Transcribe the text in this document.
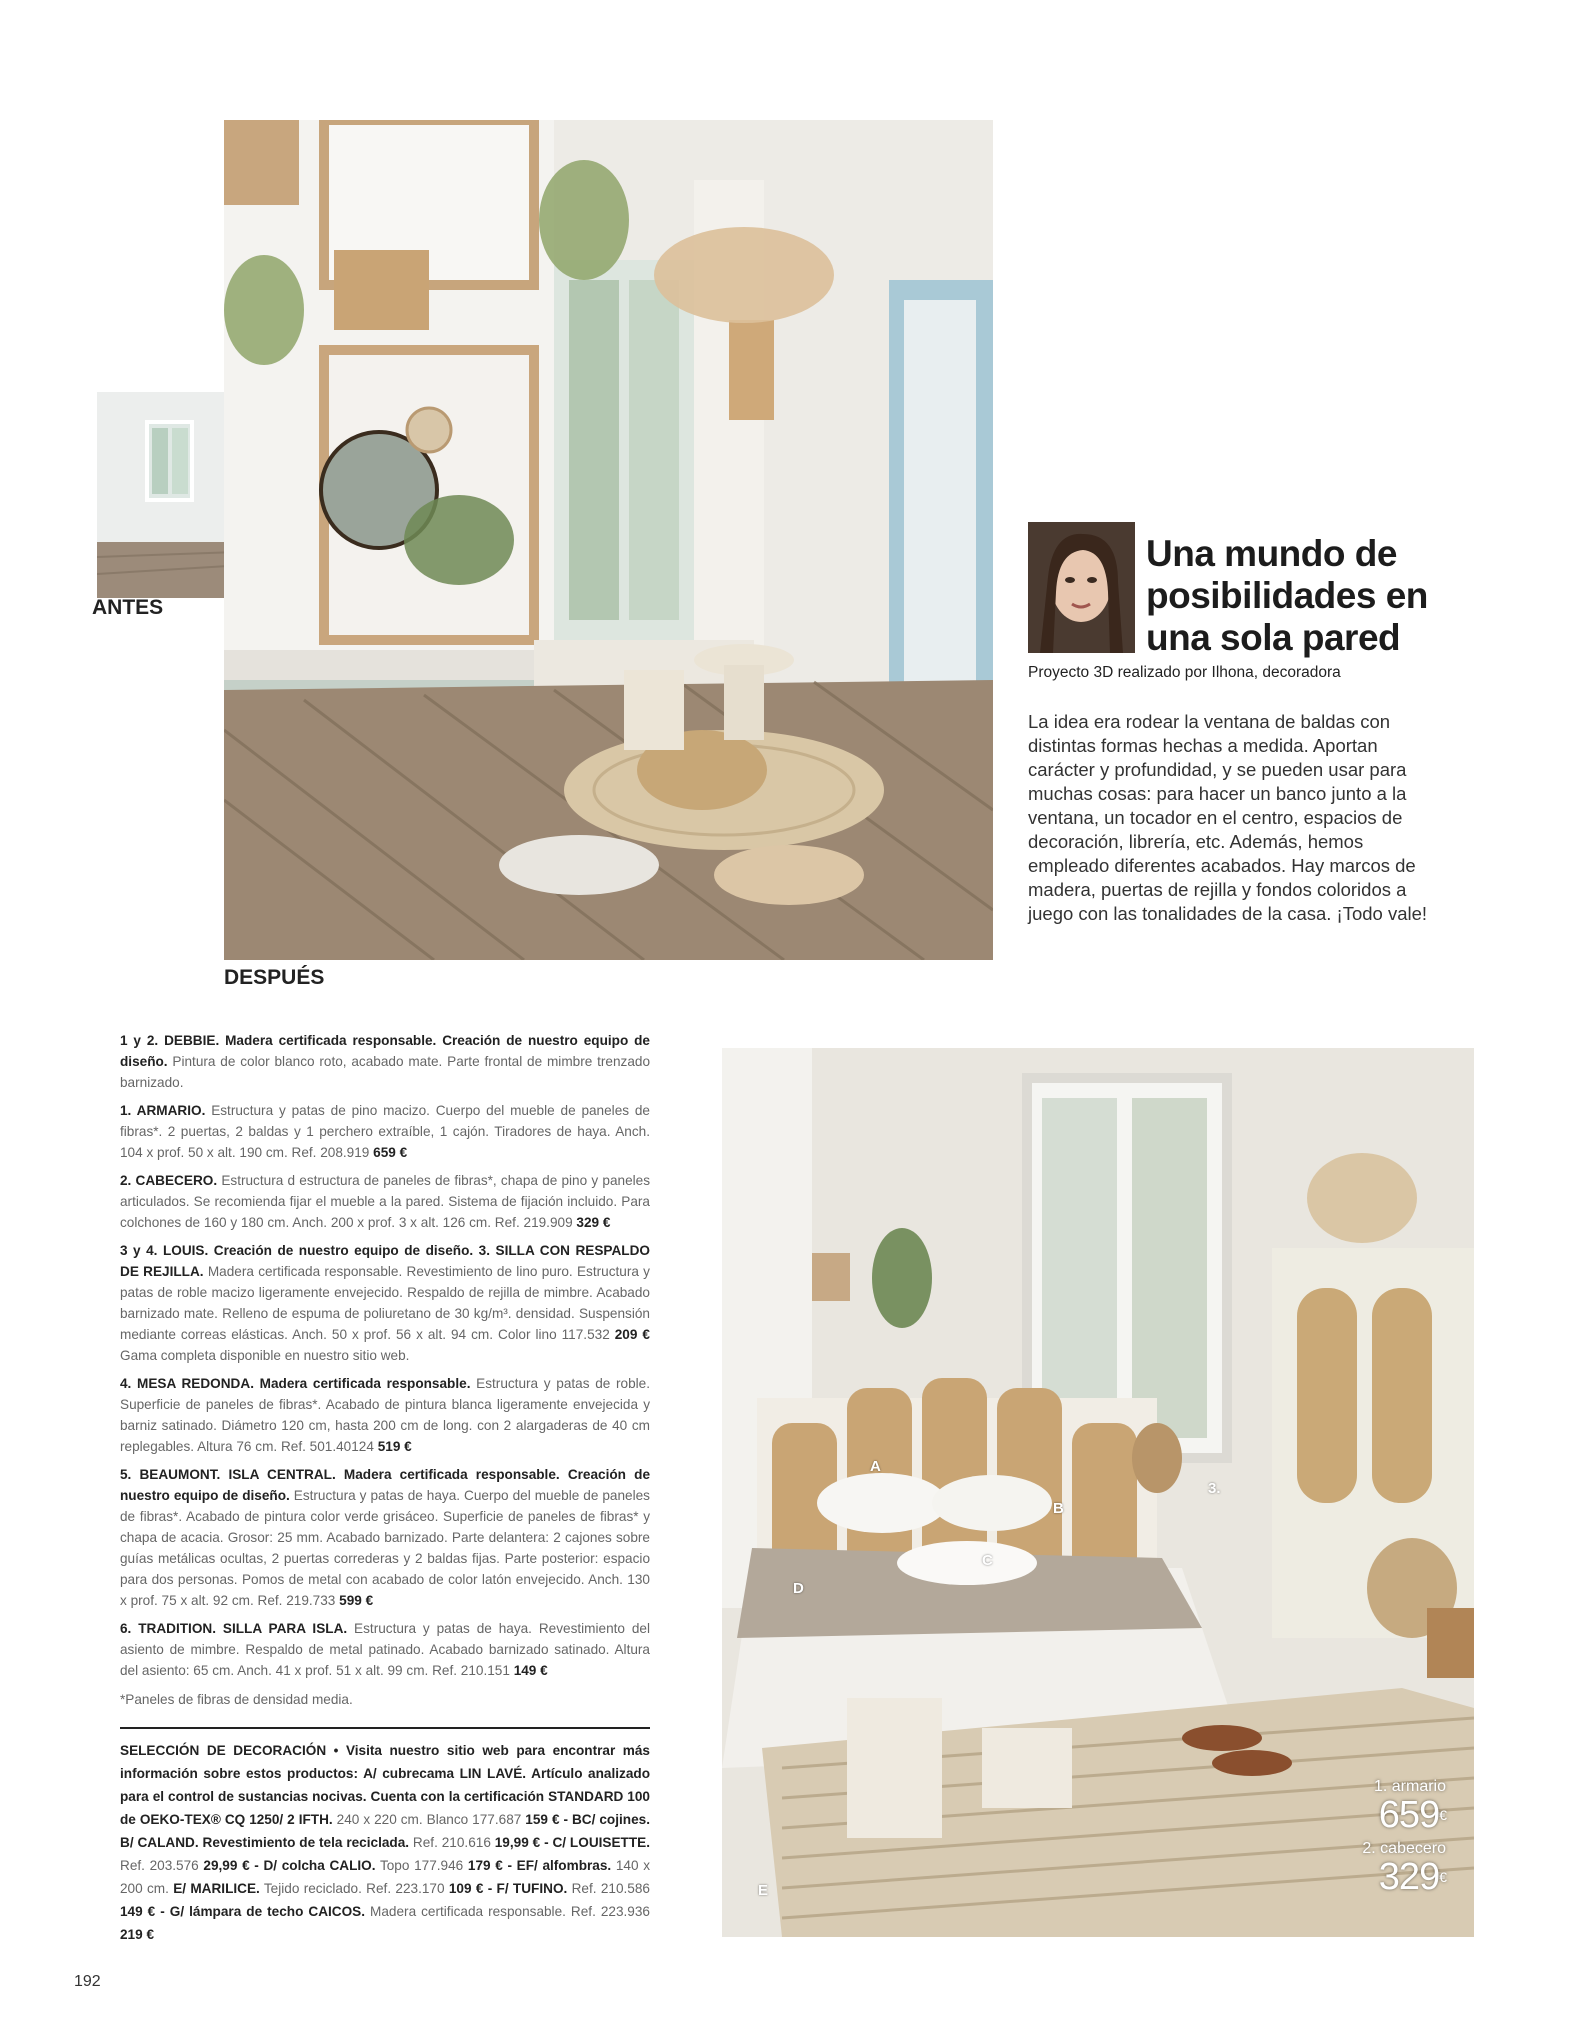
ANTES
DESPUÉS
Una mundo de
posibilidades en
una sola pared
Proyecto 3D realizado por Ilhona, decoradora
La idea era rodear la ventana de baldas con distintas formas hechas a medida. Aportan carácter y profundidad, y se pueden usar para muchas cosas: para hacer un banco junto a la ventana, un tocador en el centro, espacios de decoración, librería, etc. Además, hemos empleado diferentes acabados. Hay marcos de madera, puertas de rejilla y fondos coloridos a juego con las tonalidades de la casa. ¡Todo vale!

1 y 2. DEBBIE. Madera certificada responsable. Creación de nuestro equipo de diseño. Pintura de color blanco roto, acabado mate. Parte frontal de mimbre trenzado barnizado.

1. ARMARIO. Estructura y patas de pino macizo. Cuerpo del mueble de paneles de fibras*. 2 puertas, 2 baldas y 1 perchero extraíble, 1 cajón. Tiradores de haya. Anch. 104 x prof. 50 x alt. 190 cm. Ref. 208.919 659 €

2. CABECERO. Estructura d estructura de paneles de fibras*, chapa de pino y paneles articulados. Se recomienda fijar el mueble a la pared. Sistema de fijación incluido. Para colchones de 160 y 180 cm. Anch. 200 x prof. 3 x alt. 126 cm. Ref. 219.909 329 €

3 y 4. LOUIS. Creación de nuestro equipo de diseño. 3. SILLA CON RESPALDO DE REJILLA. Madera certificada responsable. Revestimiento de lino puro. Estructura y patas de roble macizo ligeramente envejecido. Respaldo de rejilla de mimbre. Acabado barnizado mate. Relleno de espuma de poliuretano de 30 kg/m³. densidad. Suspensión mediante correas elásticas. Anch. 50 x prof. 56 x alt. 94 cm. Color lino 117.532 209 € Gama completa disponible en nuestro sitio web.

4. MESA REDONDA. Madera certificada responsable. Estructura y patas de roble. Superficie de paneles de fibras*. Acabado de pintura blanca ligeramente envejecida y barniz satinado. Diámetro 120 cm, hasta 200 cm de long. con 2 alargaderas de 40 cm replegables. Altura 76 cm. Ref. 501.40124 519 €

5. BEAUMONT. ISLA CENTRAL. Madera certificada responsable. Creación de nuestro equipo de diseño. Estructura y patas de haya. Cuerpo del mueble de paneles de fibras*. Acabado de pintura color verde grisáceo. Superficie de paneles de fibras* y chapa de acacia. Grosor: 25 mm. Acabado barnizado. Parte delantera: 2 cajones sobre guías metálicas ocultas, 2 puertas correderas y 2 baldas fijas. Parte posterior: espacio para dos personas. Pomos de metal con acabado de color latón envejecido. Anch. 130 x prof. 75 x alt. 92 cm. Ref. 219.733 599 €

6. TRADITION. SILLA PARA ISLA. Estructura y patas de haya. Revestimiento del asiento de mimbre. Respaldo de metal patinado. Acabado barnizado satinado. Altura del asiento: 65 cm. Anch. 41 x prof. 51 x alt. 99 cm. Ref. 210.151 149 €

*Paneles de fibras de densidad media.

SELECCIÓN DE DECORACIÓN • Visita nuestro sitio web para encontrar más información sobre estos productos: A/ cubrecama LIN LAVÉ. Artículo analizado para el control de sustancias nocivas. Cuenta con la certificación STANDARD 100 de OEKO-TEX® CQ 1250/ 2 IFTH. 240 x 220 cm. Blanco 177.687 159 € - BC/ cojines. B/ CALAND. Revestimiento de tela reciclada. Ref. 210.616 19,99 € - C/ LOUISETTE. Ref. 203.576 29,99 € - D/ colcha CALIO. Topo 177.946 179 € - EF/ alfombras. 140 x 200 cm. E/ MARILICE. Tejido reciclado. Ref. 223.170 109 € - F/ TUFINO. Ref. 210.586 149 € - G/ lámpara de techo CAICOS. Madera certificada responsable. Ref. 223.936 219 €
A
B
C
D
E
3.
1. armario
659€
2. cabecero
329€
192
